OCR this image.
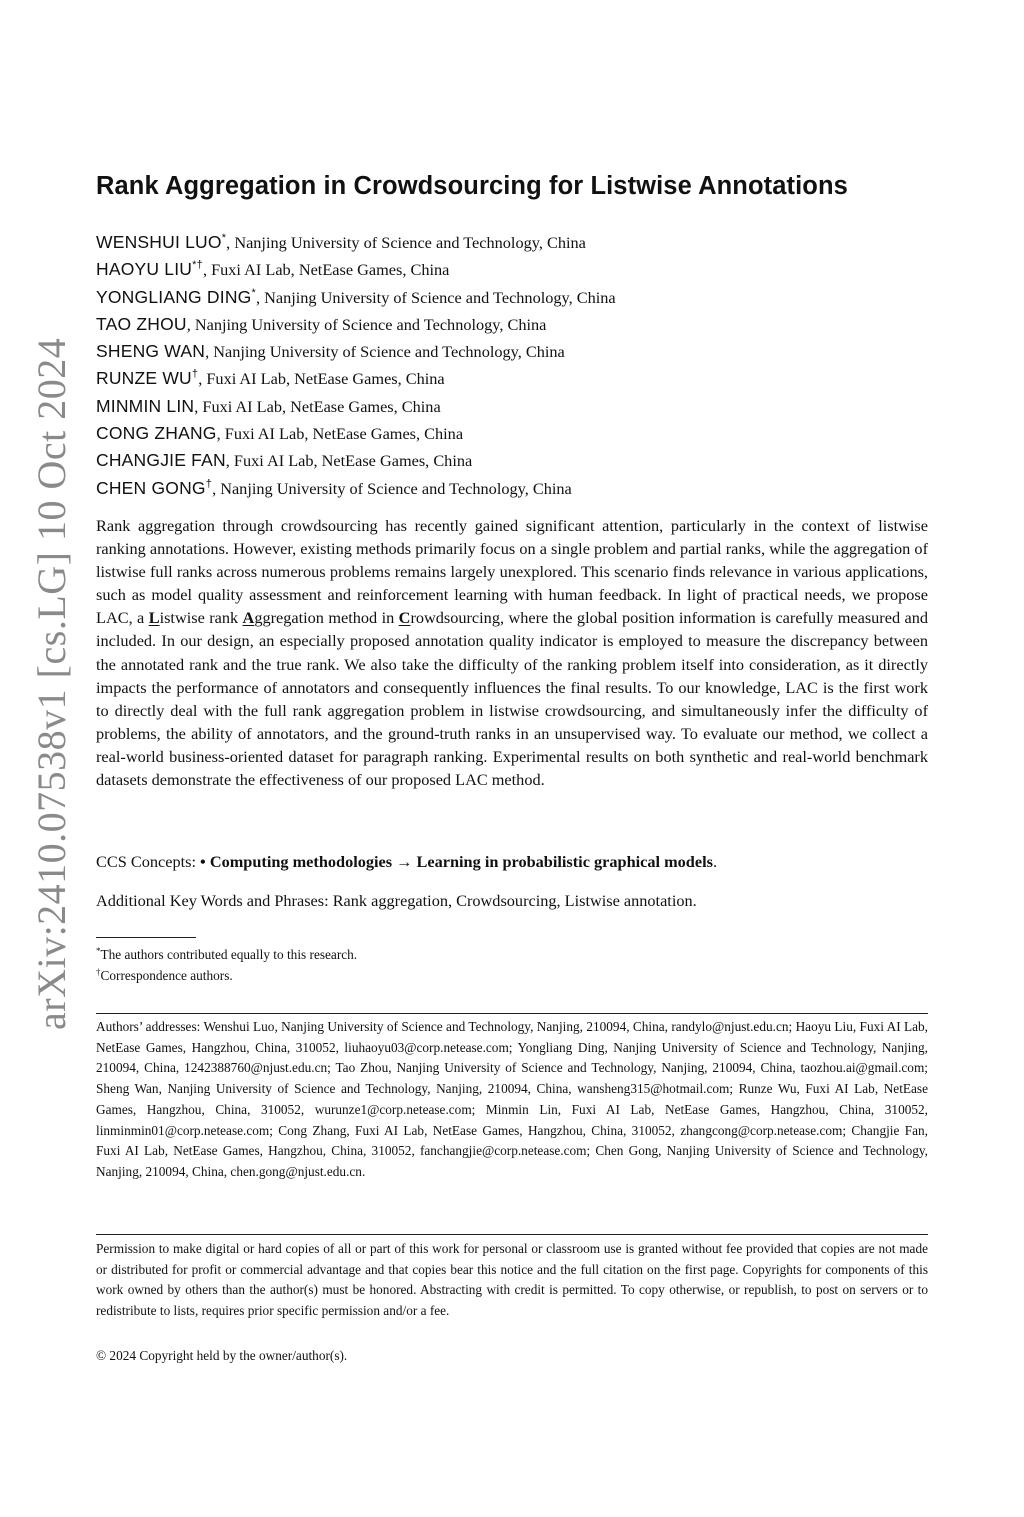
arXiv:2410.07538v1 [cs.LG] 10 Oct 2024
Rank Aggregation in Crowdsourcing for Listwise Annotations
WENSHUI LUO*, Nanjing University of Science and Technology, China
HAOYU LIU*†, Fuxi AI Lab, NetEase Games, China
YONGLIANG DING*, Nanjing University of Science and Technology, China
TAO ZHOU, Nanjing University of Science and Technology, China
SHENG WAN, Nanjing University of Science and Technology, China
RUNZE WU†, Fuxi AI Lab, NetEase Games, China
MINMIN LIN, Fuxi AI Lab, NetEase Games, China
CONG ZHANG, Fuxi AI Lab, NetEase Games, China
CHANGJIE FAN, Fuxi AI Lab, NetEase Games, China
CHEN GONG†, Nanjing University of Science and Technology, China

Rank aggregation through crowdsourcing has recently gained significant attention, particularly in the context of listwise ranking annotations. However, existing methods primarily focus on a single problem and partial ranks, while the aggregation of listwise full ranks across numerous problems remains largely unexplored. This scenario finds relevance in various applications, such as model quality assessment and reinforcement learning with human feedback. In light of practical needs, we propose LAC, a Listwise rank Aggregation method in Crowdsourcing, where the global position information is carefully measured and included. In our design, an especially proposed annotation quality indicator is employed to measure the discrepancy between the annotated rank and the true rank. We also take the difficulty of the ranking problem itself into consideration, as it directly impacts the performance of annotators and consequently influences the final results. To our knowledge, LAC is the first work to directly deal with the full rank aggregation problem in listwise crowdsourcing, and simultaneously infer the difficulty of problems, the ability of annotators, and the ground-truth ranks in an unsupervised way. To evaluate our method, we collect a real-world business-oriented dataset for paragraph ranking. Experimental results on both synthetic and real-world benchmark datasets demonstrate the effectiveness of our proposed LAC method.

CCS Concepts: • Computing methodologies → Learning in probabilistic graphical models.
Additional Key Words and Phrases: Rank aggregation, Crowdsourcing, Listwise annotation.
*The authors contributed equally to this research.
†Correspondence authors.

Authors’ addresses: Wenshui Luo, Nanjing University of Science and Technology, Nanjing, 210094, China, randylo@njust.edu.cn; Haoyu Liu, Fuxi AI Lab, NetEase Games, Hangzhou, China, 310052, liuhaoyu03@corp.netease.com; Yongliang Ding, Nanjing University of Science and Technology, Nanjing, 210094, China, 1242388760@njust.edu.cn; Tao Zhou, Nanjing University of Science and Technology, Nanjing, 210094, China, taozhou.ai@gmail.com; Sheng Wan, Nanjing University of Science and Technology, Nanjing, 210094, China, wansheng315@hotmail.com; Runze Wu, Fuxi AI Lab, NetEase Games, Hangzhou, China, 310052, wurunze1@corp.netease.com; Minmin Lin, Fuxi AI Lab, NetEase Games, Hangzhou, China, 310052, linminmin01@corp.netease.com; Cong Zhang, Fuxi AI Lab, NetEase Games, Hangzhou, China, 310052, zhangcong@corp.netease.com; Changjie Fan, Fuxi AI Lab, NetEase Games, Hangzhou, China, 310052, fanchangjie@corp.netease.com; Chen Gong, Nanjing University of Science and Technology, Nanjing, 210094, China, chen.gong@njust.edu.cn.

Permission to make digital or hard copies of all or part of this work for personal or classroom use is granted without fee provided that copies are not made or distributed for profit or commercial advantage and that copies bear this notice and the full citation on the first page. Copyrights for components of this work owned by others than the author(s) must be honored. Abstracting with credit is permitted. To copy otherwise, or republish, to post on servers or to redistribute to lists, requires prior specific permission and/or a fee.

© 2024 Copyright held by the owner/author(s).
